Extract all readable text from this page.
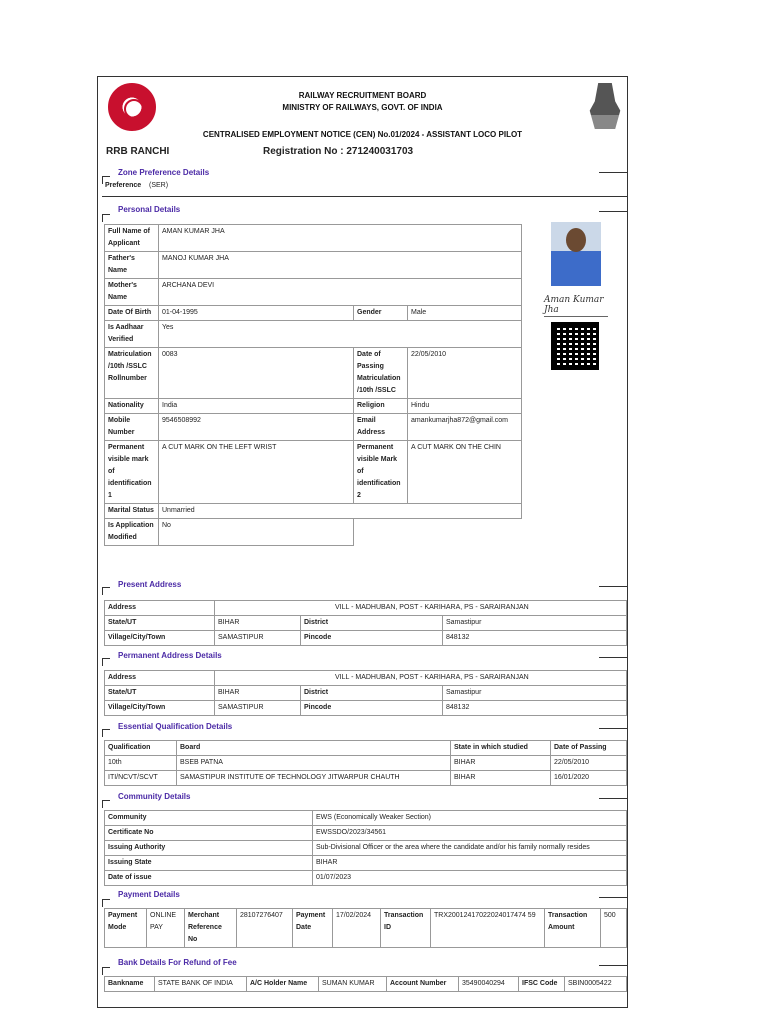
RAILWAY RECRUITMENT BOARD
MINISTRY OF RAILWAYS, GOVT. OF INDIA
CENTRALISED EMPLOYMENT NOTICE (CEN) No.01/2024 - ASSISTANT LOCO PILOT
RRB RANCHI	Registration No : 271240031703
Zone Preference Details
Preference	(SER)
Personal Details
Full Name of Applicant	AMAN KUMAR JHA		
Father's Name	MANOJ KUMAR JHA		
Mother's Name	ARCHANA DEVI		
Date Of Birth	01-04-1995	Gender	Male
Is Aadhaar Verified	Yes		
Matriculation /10th /SSLC Rollnumber	0083	Date of Passing Matriculation /10th /SSLC	22/05/2010
Nationality	India	Religion	Hindu
Mobile Number	9546508992	Email Address	amankumarjha872@gmail.com
Permanent visible mark of identification 1	A CUT MARK ON THE LEFT WRIST	Permanent visible Mark of identification 2	A CUT MARK ON THE CHIN
Marital Status	Unmarried		
Is Application Modified	No		
Aman Kumar Jha
Present Address
Address	VILL - MADHUBAN, POST - KARIHARA, PS - SARAIRANJAN		
State/UT	BIHAR	District	Samastipur
Village/City/Town	SAMASTIPUR	Pincode	848132
Permanent Address Details
Address	VILL - MADHUBAN, POST - KARIHARA, PS - SARAIRANJAN		
State/UT	BIHAR	District	Samastipur
Village/City/Town	SAMASTIPUR	Pincode	848132
Essential Qualification Details
Qualification	Board	State in which studied	Date of Passing
10th	BSEB PATNA	BIHAR	22/05/2010
ITI/NCVT/SCVT	SAMASTIPUR INSTITUTE OF TECHNOLOGY JITWARPUR CHAUTH	BIHAR	16/01/2020
Community Details
Community	EWS (Economically Weaker Section)
Certificate No	EWSSDO/2023/34561
Issuing Authority	Sub-Divisional Officer or the area where the candidate and/or his family normally resides
Issuing State	BIHAR
Date of issue	01/07/2023
Payment Details
Payment Mode	ONLINE PAY	Merchant Reference No	28107276407	Payment Date	17/02/2024	Transaction ID	TRX20012417022024017474 59	Transaction Amount	500
Bank Details For Refund of Fee
Bankname	STATE BANK OF INDIA	A/C Holder Name	SUMAN KUMAR	Account Number	35490040294	IFSC Code	SBIN0005422
